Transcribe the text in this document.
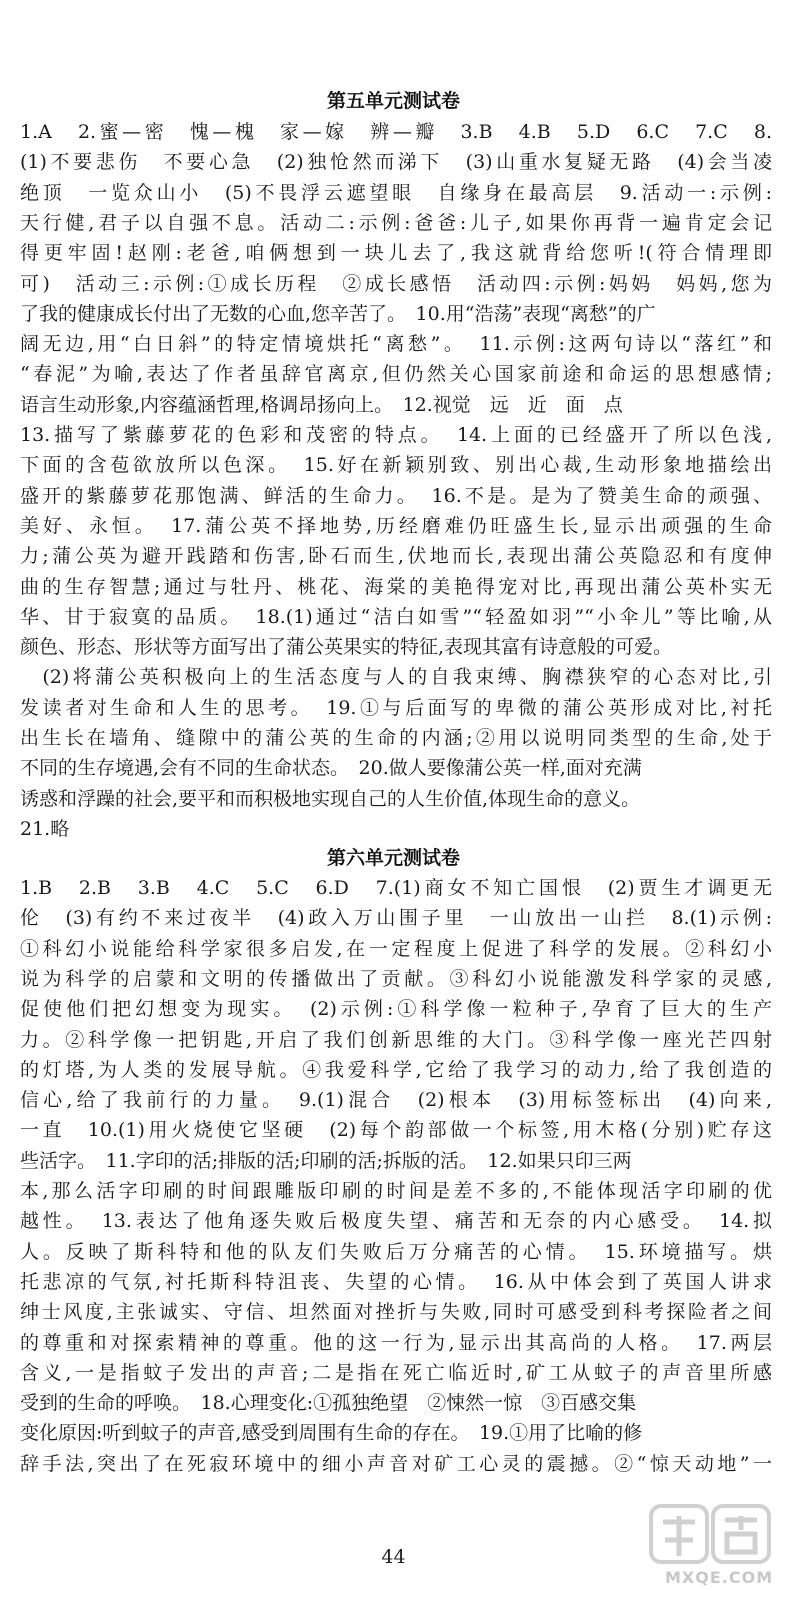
第五单元测试卷
1.A　2.蜜—密　愧—槐　家—嫁　辨—瓣　3.B　4.B　5.D　6.C　7.C　8.
(1)不要悲伤　不要心急　(2)独怆然而涕下　(3)山重水复疑无路　(4)会当凌
绝顶　一览众山小　(5)不畏浮云遮望眼　自缘身在最高层　9.活动一:示例:
天行健,君子以自强不息。活动二:示例:爸爸:儿子,如果你再背一遍肯定会记
得更牢固!赵刚:老爸,咱俩想到一块儿去了,我这就背给您听!(符合情理即
可)　活动三:示例:①成长历程　②成长感悟　活动四:示例:妈妈　妈妈,您为
了我的健康成长付出了无数的心血,您辛苦了。　10.用“浩荡”表现“离愁”的广
阔无边,用“白日斜”的特定情境烘托“离愁”。　11.示例:这两句诗以“落红”和
“春泥”为喻,表达了作者虽辞官离京,但仍然关心国家前途和命运的思想感情;
语言生动形象,内容蕴涵哲理,格调昂扬向上。　12.视觉　远　近　面　点
13.描写了紫藤萝花的色彩和茂密的特点。　14.上面的已经盛开了所以色浅,
下面的含苞欲放所以色深。　15.好在新颖别致、别出心裁,生动形象地描绘出
盛开的紫藤萝花那饱满、鲜活的生命力。　16.不是。是为了赞美生命的顽强、
美好、永恒。　17.蒲公英不择地势,历经磨难仍旺盛生长,显示出顽强的生命
力;蒲公英为避开践踏和伤害,卧石而生,伏地而长,表现出蒲公英隐忍和有度伸
曲的生存智慧;通过与牡丹、桃花、海棠的美艳得宠对比,再现出蒲公英朴实无
华、甘于寂寞的品质。　18.(1)通过“洁白如雪”“轻盈如羽”“小伞儿”等比喻,从
颜色、形态、形状等方面写出了蒲公英果实的特征,表现其富有诗意般的可爱。
　(2)将蒲公英积极向上的生活态度与人的自我束缚、胸襟狭窄的心态对比,引
发读者对生命和人生的思考。　19.①与后面写的卑微的蒲公英形成对比,衬托
出生长在墙角、缝隙中的蒲公英的生命的内涵;②用以说明同类型的生命,处于
不同的生存境遇,会有不同的生命状态。　20.做人要像蒲公英一样,面对充满
诱惑和浮躁的社会,要平和而积极地实现自己的人生价值,体现生命的意义。
21.略
第六单元测试卷
1.B　2.B　3.B　4.C　5.C　6.D　7.(1)商女不知亡国恨　(2)贾生才调更无
伦　(3)有约不来过夜半　(4)政入万山围子里　一山放出一山拦　8.(1)示例:
①科幻小说能给科学家很多启发,在一定程度上促进了科学的发展。②科幻小
说为科学的启蒙和文明的传播做出了贡献。③科幻小说能激发科学家的灵感,
促使他们把幻想变为现实。　(2)示例:①科学像一粒种子,孕育了巨大的生产
力。②科学像一把钥匙,开启了我们创新思维的大门。③科学像一座光芒四射
的灯塔,为人类的发展导航。④我爱科学,它给了我学习的动力,给了我创造的
信心,给了我前行的力量。　9.(1)混合　(2)根本　(3)用标签标出　(4)向来,
一直　10.(1)用火烧使它坚硬　(2)每个韵部做一个标签,用木格(分别)贮存这
些活字。　11.字印的活;排版的活;印刷的活;拆版的活。　12.如果只印三两
本,那么活字印刷的时间跟雕版印刷的时间是差不多的,不能体现活字印刷的优
越性。　13.表达了他角逐失败后极度失望、痛苦和无奈的内心感受。　14.拟
人。反映了斯科特和他的队友们失败后万分痛苦的心情。　15.环境描写。烘
托悲凉的气氛,衬托斯科特沮丧、失望的心情。　16.从中体会到了英国人讲求
绅士风度,主张诚实、守信、坦然面对挫折与失败,同时可感受到科考探险者之间
的尊重和对探索精神的尊重。他的这一行为,显示出其高尚的人格。　17.两层
含义,一是指蚊子发出的声音;二是指在死亡临近时,矿工从蚊子的声音里所感
受到的生命的呼唤。　18.心理变化:①孤独绝望　②悚然一惊　③百感交集
变化原因:听到蚊子的声音,感受到周围有生命的存在。　19.①用了比喻的修
辞手法,突出了在死寂环境中的细小声音对矿工心灵的震撼。②“惊天动地”一
44
MXQE.COM
